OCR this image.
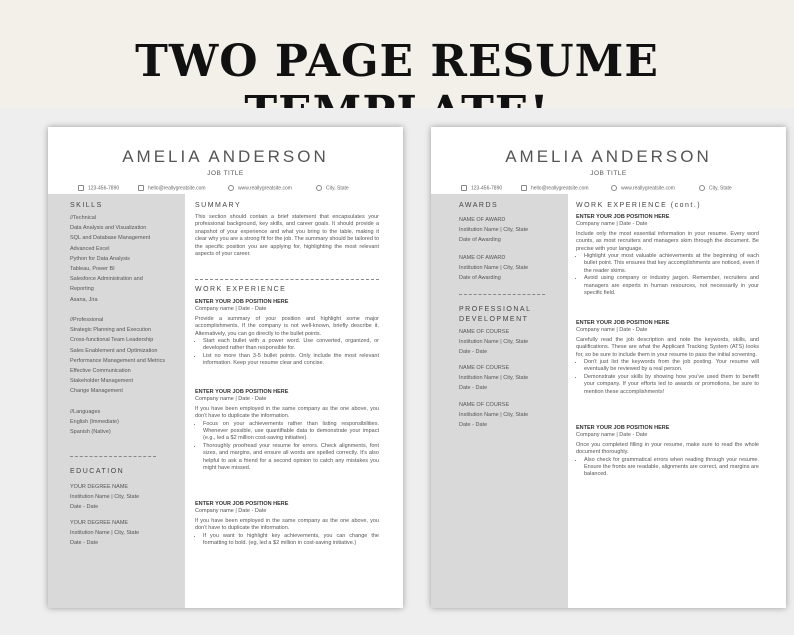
TWO PAGE RESUME
AMELIA ANDERSON
JOB TITLE
123-456-7890	hello@reallygreatsite.com	www.reallygreatsite.com	City, State
SKILLS
//Technical
Data Analysis and Visualization
SQL and Database Management
Advanced Excel
Python for Data Analysis
Tableau, Power BI
Salesforce Administration and
Reporting
Asana, Jira
//Professional
Strategic Planning and Execution
Cross-functional Team Leadership
Sales Enablement and Optimization
Performance Management and Metrics
Effective Communication
Stakeholder Management
Change Management
//Languages
English (Immediate)
Spanish (Native)
EDUCATION
YOUR DEGREE NAME
Institution Name | City, State
Date - Date
YOUR DEGREE NAME
Institution Name | City, State
Date - Date
SUMMARY
This section should contain a brief statement that encapsulates your professional background, key skills, and career goals. It should provide a snapshot of your experience and what you bring to the table, making it clear why you are a strong fit for the job. The summary should be tailored to the specific position you are applying for, highlighting the most relevant aspects of your career.
WORK EXPERIENCE
ENTER YOUR JOB POSITION HERE
Company name | Date - Date
Provide a summary of your position and highlight some major accomplishments. If the company is not well-known, briefly describe it. Alternatively, you can go directly to the bullet points.
• Start each bullet with a power word. Use converted, organized, or developed rather than responsible for.
• List no more than 3-5 bullet points. Only include the most relevant information. Keep your resume clear and concise.
ENTER YOUR JOB POSITION HERE
Company name | Date - Date
If you have been employed in the same company as the one above, you don't have to duplicate the information.
• Focus on your achievements rather than listing responsibilities. Whenever possible, use quantifiable data to demonstrate your impact (e.g., led a $2 million cost-saving initiative).
• Thoroughly proofread your resume for errors. Check alignments, font sizes, and margins, and ensure all words are spelled correctly. It's also helpful to ask a friend for a second opinion to catch any mistakes you might have missed.
ENTER YOUR JOB POSITION HERE
Company name | Date - Date
If you have been employed in the same company as the one above, you don't have to duplicate the information.
• If you want to highlight key achievements, you can change the formatting to bold. (eg, led a $2 million in cost-saving initiative.)
AMELIA ANDERSON
JOB TITLE
123-456-7890	hello@reallygreatsite.com	www.reallygreatsite.com	City, State
AWARDS
NAME OF AWARD
Institution Name | City, State
Date of Awarding
NAME OF AWARD
Institution Name | City, State
Date of Awarding
PROFESSIONAL
DEVELOPMENT
NAME OF COURSE
Institution Name | City, State
Date - Date
NAME OF COURSE
Institution Name | City, State
Date - Date
NAME OF COURSE
Institution Name | City, State
Date - Date
WORK EXPERIENCE (cont.)
ENTER YOUR JOB POSITION HERE
Company name | Date - Date
Include only the most essential information in your resume. Every word counts, as most recruiters and managers skim through the document. Be precise with your language.
• Highlight your most valuable achievements at the beginning of each bullet point. This ensures that key accomplishments are noticed, even if the reader skims.
• Avoid using company or industry jargon. Remember, recruiters and managers are experts in human resources, not necessarily in your specific field.
ENTER YOUR JOB POSITION HERE
Company name | Date - Date
Carefully read the job description and note the keywords, skills, and qualifications. These are what the Applicant Tracking System (ATS) looks for, so be sure to include them in your resume to pass the initial screening.
• Don't just list the keywords from the job posting. Your resume will eventually be reviewed by a real person.
• Demonstrate your skills by showing how you've used them to benefit your company. If your efforts led to awards or promotions, be sure to mention these accomplishments!
ENTER YOUR JOB POSITION HERE
Company name | Date - Date
Once you completed filling in your resume, make sure to read the whole document thoroughly.
• Also check for grammatical errors when reading through your resume. Ensure the fronts are readable, alignments are correct, and margins are balanced.
